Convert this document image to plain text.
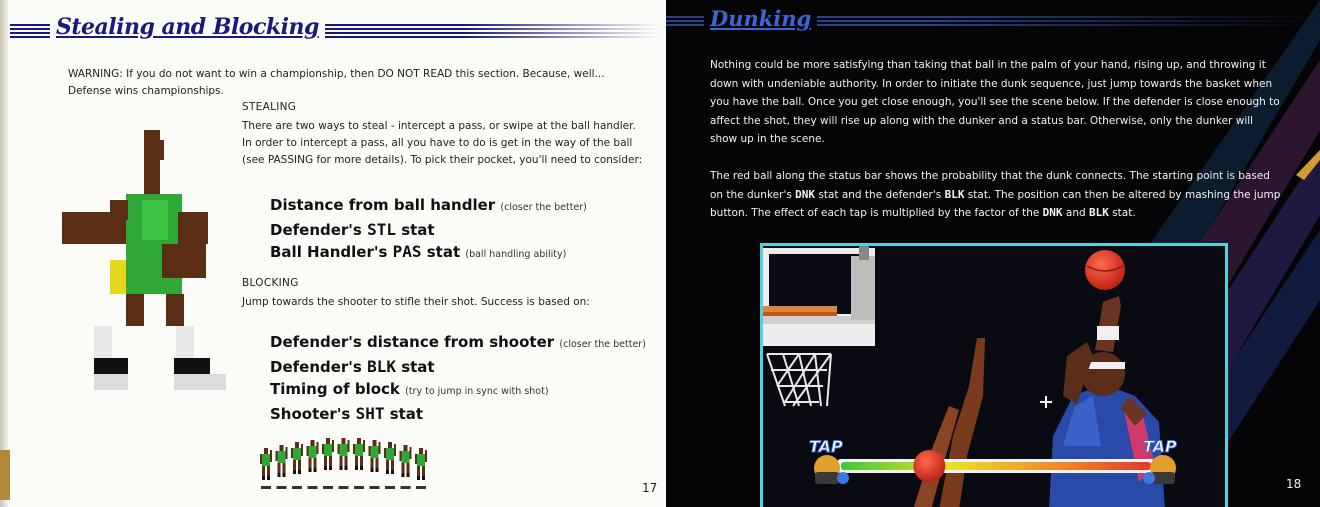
Stealing and Blocking
WARNING: If you do not want to win a championship, then DO NOT READ this section. Because, well... Defense wins championships.
STEALING
There are two ways to steal - intercept a pass, or swipe at the ball handler. In order to intercept a pass, all you have to do is get in the way of the ball (see PASSING for more details). To pick their pocket, you'll need to consider:
Distance from ball handler (closer the better)
Defender's STL stat
Ball Handler's PAS stat (ball handling ability)
BLOCKING
Jump towards the shooter to stifle their shot. Success is based on:
Defender's distance from shooter (closer the better)
Defender's BLK stat
Timing of block (try to jump in sync with shot)
Shooter's SHT stat
17
Dunking
Nothing could be more satisfying than taking that ball in the palm of your hand, rising up, and throwing it down with undeniable authority. In order to initiate the dunk sequence, just jump towards the basket when you have the ball. Once you get close enough, you'll see the scene below. If the defender is close enough to affect the shot, they will rise up along with the dunker and a status bar. Otherwise, only the dunker will show up in the scene.
The red ball along the status bar shows the probability that the dunk connects. The starting point is based on the dunker's DNK stat and the defender's BLK stat. The position can then be altered by mashing the jump button. The effect of each tap is multiplied by the factor of the DNK and BLK stat.
TAP	TAP
18
